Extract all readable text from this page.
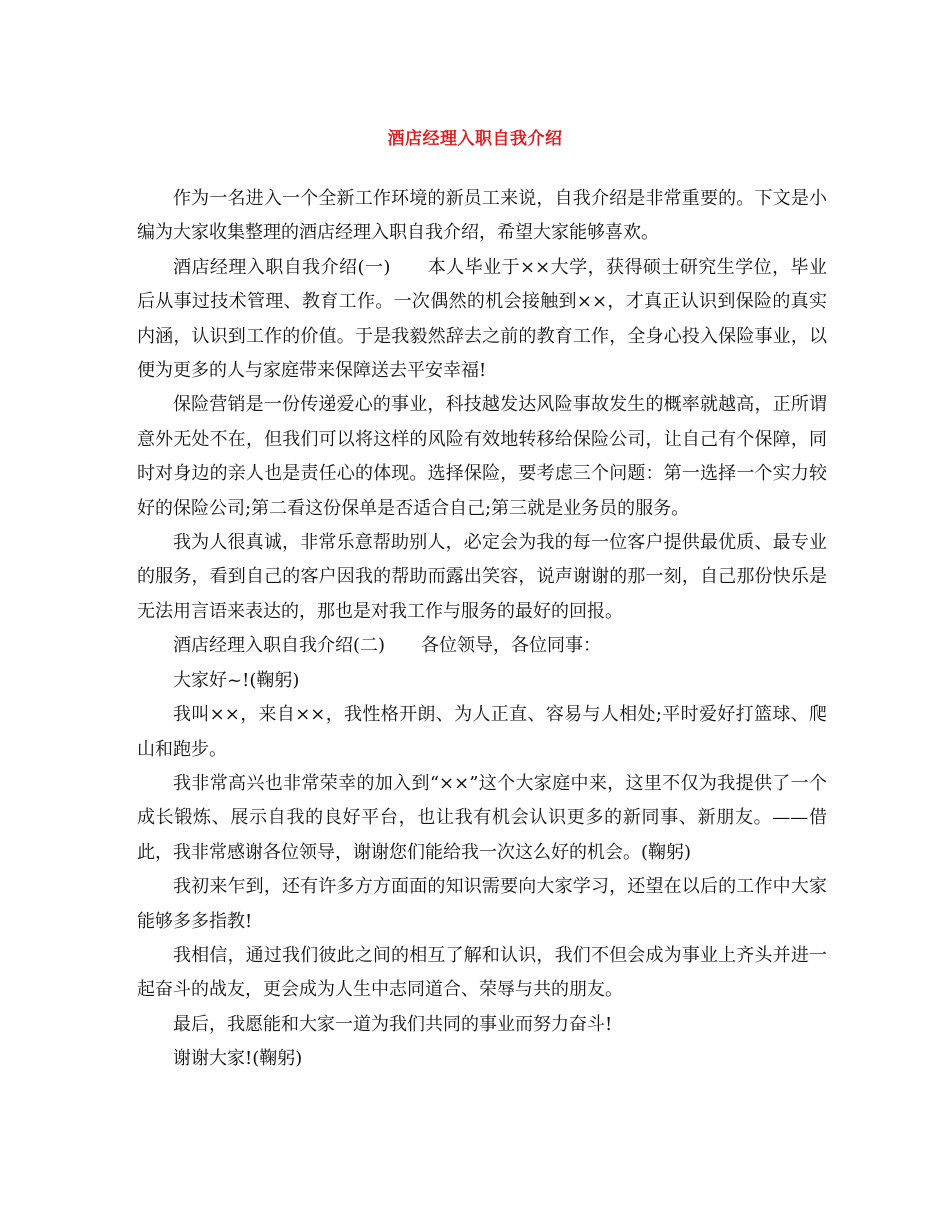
酒店经理入职自我介绍

作为一名进入一个全新工作环境的新员工来说，自我介绍是非常重要的。下文是小编为大家收集整理的酒店经理入职自我介绍，希望大家能够喜欢。

酒店经理入职自我介绍(一)　　本人毕业于××大学，获得硕士研究生学位，毕业后从事过技术管理、教育工作。一次偶然的机会接触到××，才真正认识到保险的真实内涵，认识到工作的价值。于是我毅然辞去之前的教育工作，全身心投入保险事业，以便为更多的人与家庭带来保障送去平安幸福!

保险营销是一份传递爱心的事业，科技越发达风险事故发生的概率就越高，正所谓意外无处不在，但我们可以将这样的风险有效地转移给保险公司，让自己有个保障，同时对身边的亲人也是责任心的体现。选择保险，要考虑三个问题：第一选择一个实力较好的保险公司;第二看这份保单是否适合自己;第三就是业务员的服务。

我为人很真诚，非常乐意帮助别人，必定会为我的每一位客户提供最优质、最专业的服务，看到自己的客户因我的帮助而露出笑容，说声谢谢的那一刻，自己那份快乐是无法用言语来表达的，那也是对我工作与服务的最好的回报。

酒店经理入职自我介绍(二)　　各位领导，各位同事：

大家好~!(鞠躬)

我叫××，来自××，我性格开朗、为人正直、容易与人相处;平时爱好打篮球、爬山和跑步。

我非常高兴也非常荣幸的加入到“××”这个大家庭中来，这里不仅为我提供了一个成长锻炼、展示自我的良好平台，也让我有机会认识更多的新同事、新朋友。——借此，我非常感谢各位领导，谢谢您们能给我一次这么好的机会。(鞠躬)

我初来乍到，还有许多方方面面的知识需要向大家学习，还望在以后的工作中大家能够多多指教!

我相信，通过我们彼此之间的相互了解和认识，我们不但会成为事业上齐头并进一起奋斗的战友，更会成为人生中志同道合、荣辱与共的朋友。

最后，我愿能和大家一道为我们共同的事业而努力奋斗!

谢谢大家!(鞠躬)
